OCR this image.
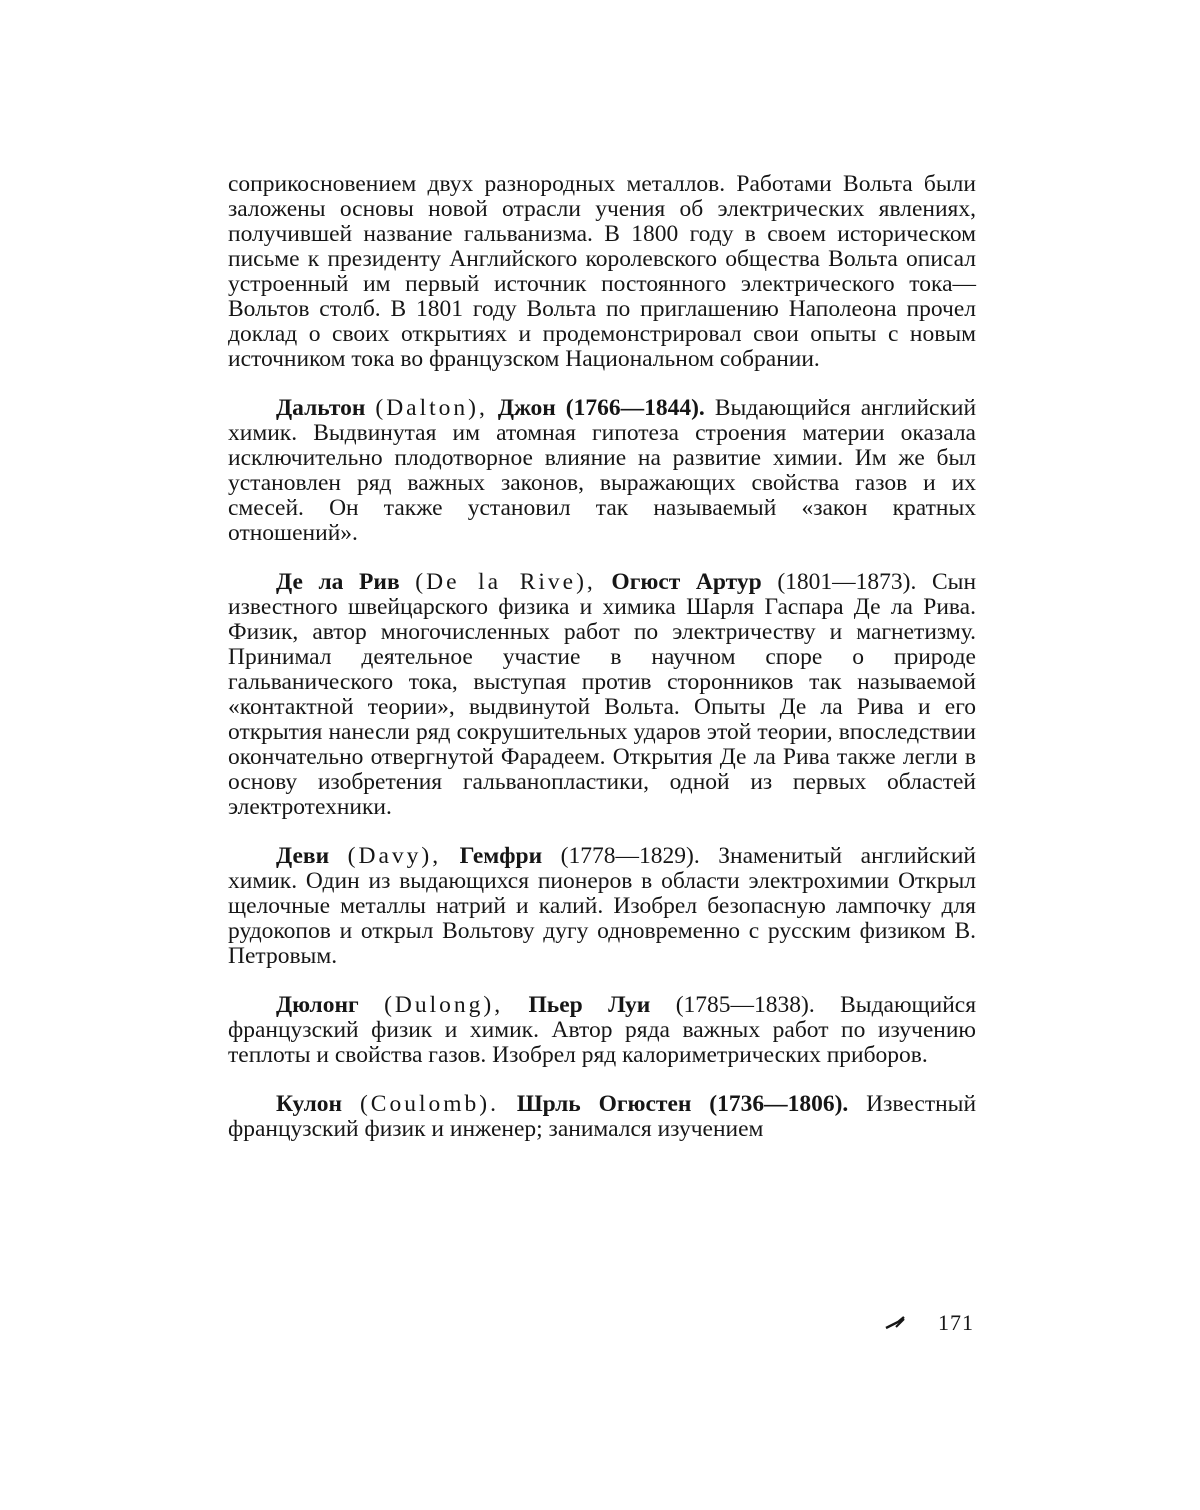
соприкосновением двух разнородных металлов. Работами Вольта были заложены основы новой отрасли учения об электрических явлениях, получившей название гальванизма. В 1800 году в своем историческом письме к президенту Английского королевского общества Вольта описал устроенный им первый источник постоянного электрического тока— Вольтов столб. В 1801 году Вольта по приглашению Наполеона прочел доклад о своих открытиях и продемонстрировал свои опыты с новым источником тока во французском Национальном собрании.

Дальтон (Dalton), Джон (1766—1844). Выдающийся английский химик. Выдвинутая им атомная гипотеза строения материи оказала исключительно плодотворное влияние на развитие химии. Им же был установлен ряд важных законов, выражающих свойства газов и их смесей. Он также установил так называемый «закон кратных отношений».

Де ла Рив (De la Rive), Огюст Артур (1801—1873). Сын известного швейцарского физика и химика Шарля Гаспара Де ла Рива. Физик, автор многочисленных работ по электричеству и магнетизму. Принимал деятельное участие в научном споре о природе гальванического тока, выступая против сторонников так называемой «контактной теории», выдвинутой Вольта. Опыты Де ла Рива и его открытия нанесли ряд сокрушительных ударов этой теории, впоследствии окончательно отвергнутой Фарадеем. Открытия Де ла Рива также легли в основу изобретения гальванопластики, одной из первых областей электротехники.

Деви (Davy), Гемфри (1778—1829). Знаменитый английский химик. Один из выдающихся пионеров в области электрохимии Открыл щелочные металлы натрий и калий. Изобрел безопасную лампочку для рудокопов и открыл Вольтову дугу одновременно с русским физиком В. Петровым.

Дюлонг (Dulong), Пьер Луи (1785—1838). Выдающийся французский физик и химик. Автор ряда важных работ по изучению теплоты и свойства газов. Изобрел ряд калориметрических приборов.

Кулон (Coulomb). Шрль Огюстен (1736—1806). Известный французский физик и инженер; занимался изучением

171
